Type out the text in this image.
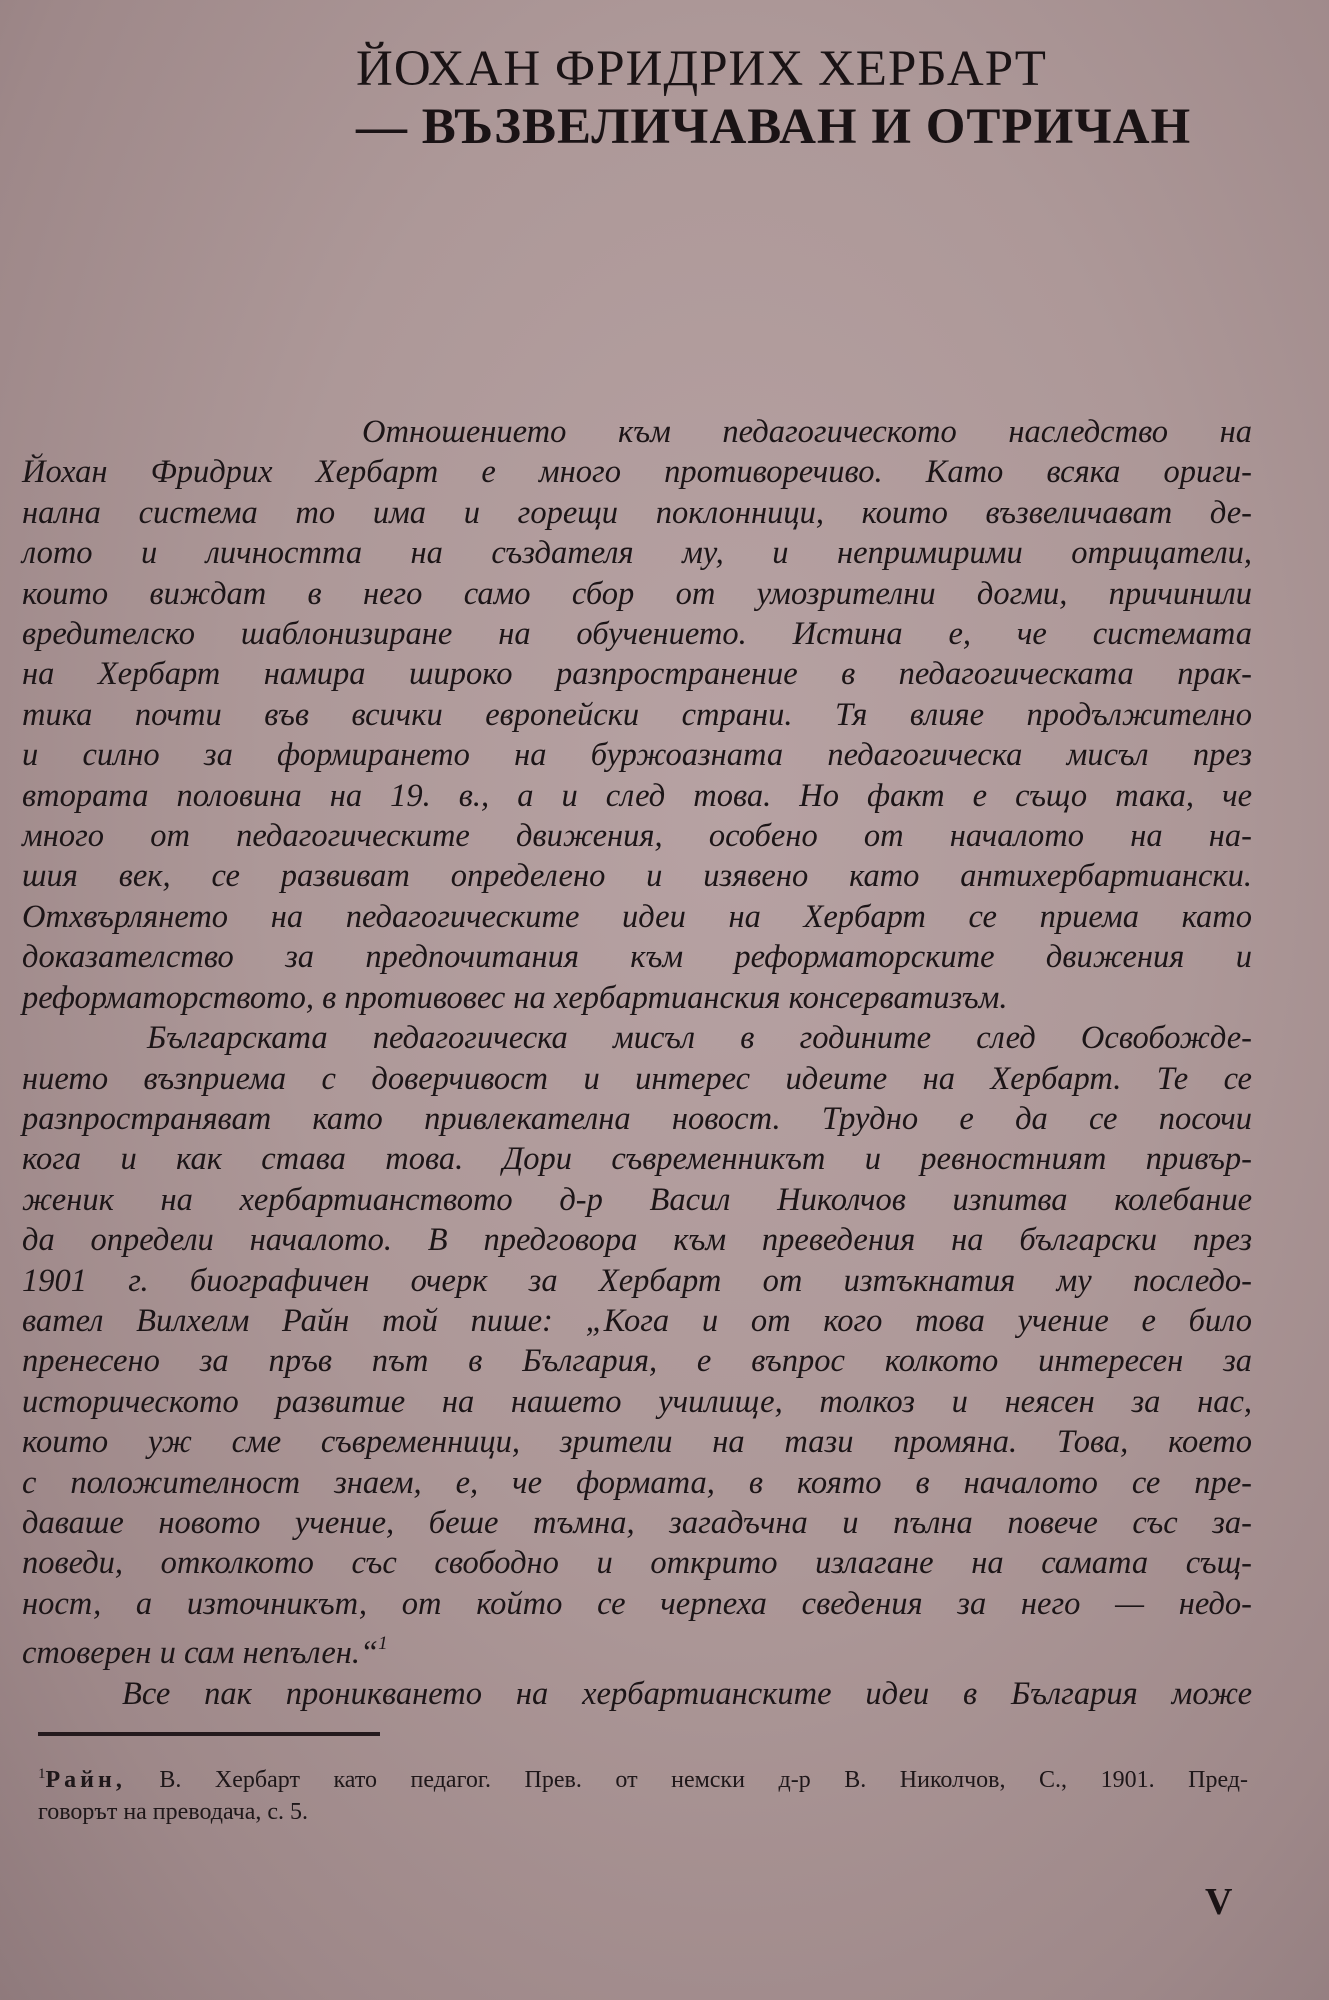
ЙОХАН ФРИДРИХ ХЕРБАРТ
— ВЪЗВЕЛИЧАВАН И ОТРИЧАН

Отношението към педагогическото наследство на
Йохан Фридрих Хербарт е много противоречиво. Като всяка ориги-
нална система то има и горещи поклонници, които възвеличават де-
лото и личността на създателя му, и непримирими отрицатели,
които виждат в него само сбор от умозрителни догми, причинили
вредителско шаблонизиране на обучението. Истина е, че системата
на Хербарт намира широко разпространение в педагогическата прак-
тика почти във всички европейски страни. Тя влияе продължително
и силно за формирането на буржоазната педагогическа мисъл през
втората половина на 19. в., а и след това. Но факт е също така, че
много от педагогическите движения, особено от началото на на-
шия век, се развиват определено и изявено като антихербартиански.
Отхвърлянето на педагогическите идеи на Хербарт се приема като
доказателство за предпочитания към реформаторските движения и
реформаторството, в противовес на хербартианския консерватизъм.

Българската педагогическа мисъл в годините след Освобожде-
нието възприема с доверчивост и интерес идеите на Хербарт. Те се
разпространяват като привлекателна новост. Трудно е да се посочи
кога и как става това. Дори съвременникът и ревностният привър-
женик на хербартианството д-р Васил Николчов изпитва колебание
да определи началото. В предговора към преведения на български през
1901 г. биографичен очерк за Хербарт от изтъкнатия му последо-
вател Вилхелм Райн той пише: „Кога и от кого това учение е било
пренесено за пръв път в България, е въпрос колкото интересен за
историческото развитие на нашето училище, толкоз и неясен за нас,
които уж сме съвременници, зрители на тази промяна. Това, което
с положителност знаем, е, че формата, в която в началото се пре-
даваше новото учение, беше тъмна, загадъчна и пълна повече със за-
поведи, отколкото със свободно и открито излагане на самата същ-
ност, а източникът, от който се черпеха сведения за него — недо-
стоверен и сам непълен.“$^1$

Все пак проникването на хербартианските идеи в България може

$^1$Райн, В. Хербарт като педагог. Прев. от немски д-р В. Николчов, С., 1901. Пред-
говорът на преводача, с. 5.
V
